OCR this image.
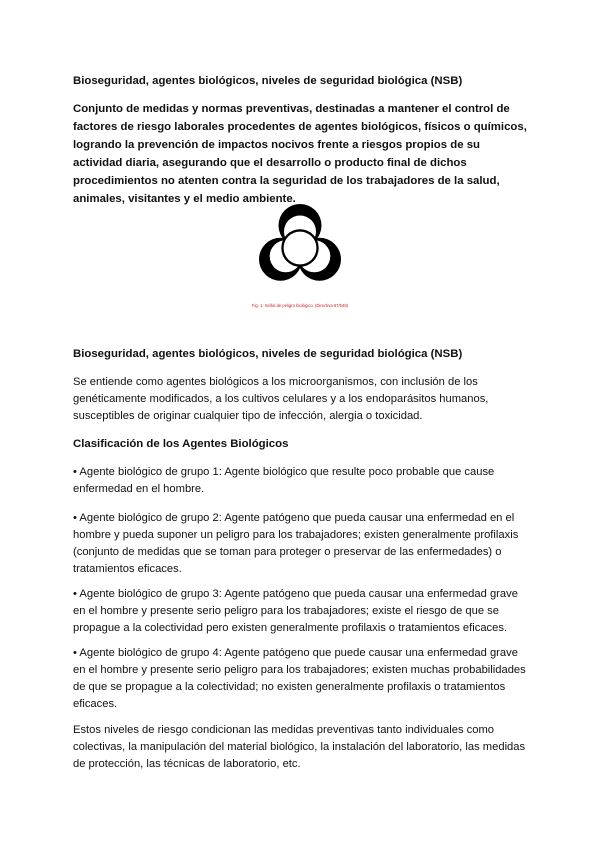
Bioseguridad, agentes biológicos, niveles de seguridad biológica (NSB)
Conjunto de medidas y normas preventivas, destinadas a mantener el control de factores de riesgo laborales procedentes de agentes biológicos, físicos o químicos, logrando la prevención de impactos nocivos frente a riesgos propios de su actividad diaria, asegurando que el desarrollo o producto final de dichos procedimientos no atenten contra la seguridad de los trabajadores de la salud, animales, visitantes y el medio ambiente.
Fig. 1: Señal de peligro biológico. (Directiva 67/548)
Bioseguridad, agentes biológicos, niveles de seguridad biológica (NSB)
Se entiende como agentes biológicos a los microorganismos, con inclusión de los genéticamente modificados, a los cultivos celulares y a los endoparásitos humanos, susceptibles de originar cualquier tipo de infección, alergia o toxicidad.
Clasificación de los Agentes Biológicos
• Agente biológico de grupo 1: Agente biológico que resulte poco probable que cause enfermedad en el hombre.
• Agente biológico de grupo 2: Agente patógeno que pueda causar una enfermedad en el hombre y pueda suponer un peligro para los trabajadores; existen generalmente profilaxis (conjunto de medidas que se toman para proteger o preservar de las enfermedades) o tratamientos eficaces.
• Agente biológico de grupo 3: Agente patógeno que pueda causar una enfermedad grave en el hombre y presente serio peligro para los trabajadores; existe el riesgo de que se propague a la colectividad pero existen generalmente profilaxis o tratamientos eficaces.
• Agente biológico de grupo 4: Agente patógeno que puede causar una enfermedad grave en el hombre y presente serio peligro para los trabajadores; existen muchas probabilidades de que se propague a la colectividad; no existen generalmente profilaxis o tratamientos eficaces.
Estos niveles de riesgo condicionan las medidas preventivas tanto individuales como colectivas, la manipulación del material biológico, la instalación del laboratorio, las medidas de protección, las técnicas de laboratorio, etc.
